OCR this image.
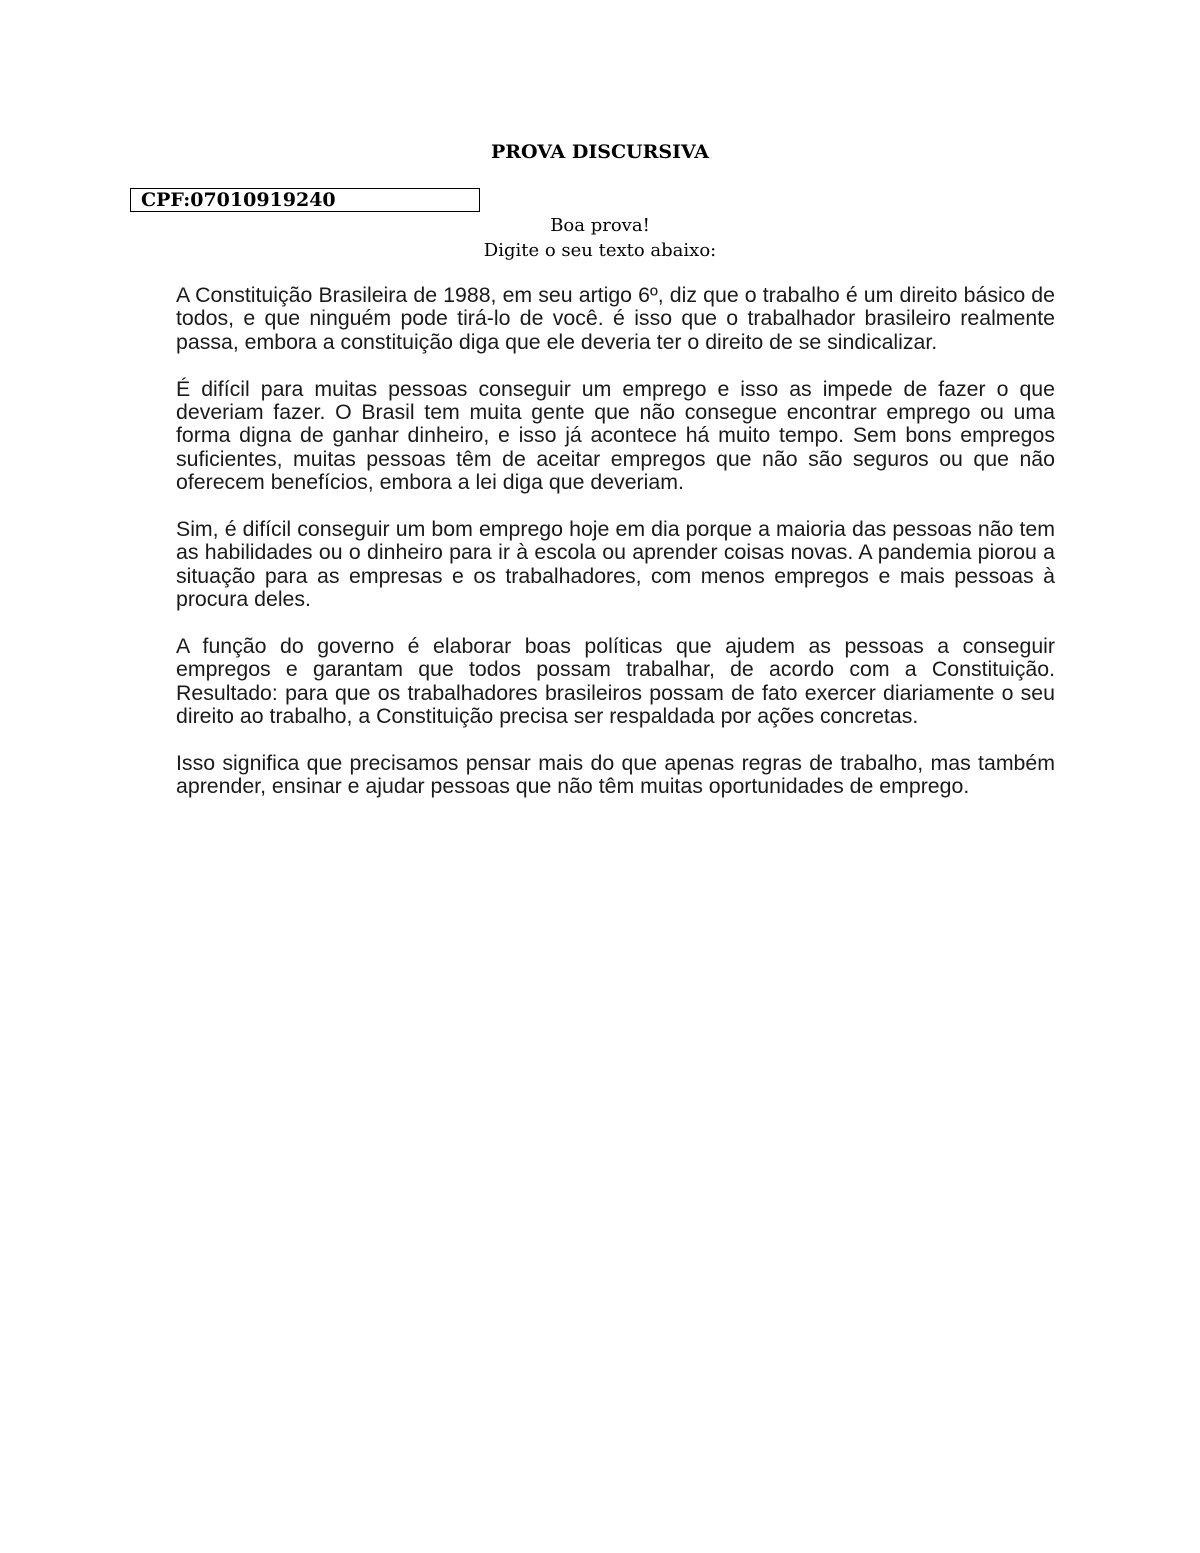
PROVA DISCURSIVA
CPF:07010919240
Boa prova!
Digite o seu texto abaixo:

A Constituição Brasileira de 1988, em seu artigo 6º, diz que o trabalho é um direito básico de todos, e que ninguém pode tirá-lo de você. é isso que o trabalhador brasileiro realmente passa, embora a constituição diga que ele deveria ter o direito de se sindicalizar.

É difícil para muitas pessoas conseguir um emprego e isso as impede de fazer o que deveriam fazer. O Brasil tem muita gente que não consegue encontrar emprego ou uma forma digna de ganhar dinheiro, e isso já acontece há muito tempo. Sem bons empregos suficientes, muitas pessoas têm de aceitar empregos que não são seguros ou que não oferecem benefícios, embora a lei diga que deveriam.

Sim, é difícil conseguir um bom emprego hoje em dia porque a maioria das pessoas não tem as habilidades ou o dinheiro para ir à escola ou aprender coisas novas. A pandemia piorou a situação para as empresas e os trabalhadores, com menos empregos e mais pessoas à procura deles.

A função do governo é elaborar boas políticas que ajudem as pessoas a conseguir empregos e garantam que todos possam trabalhar, de acordo com a Constituição. Resultado: para que os trabalhadores brasileiros possam de fato exercer diariamente o seu direito ao trabalho, a Constituição precisa ser respaldada por ações concretas.

Isso significa que precisamos pensar mais do que apenas regras de trabalho, mas também aprender, ensinar e ajudar pessoas que não têm muitas oportunidades de emprego.
